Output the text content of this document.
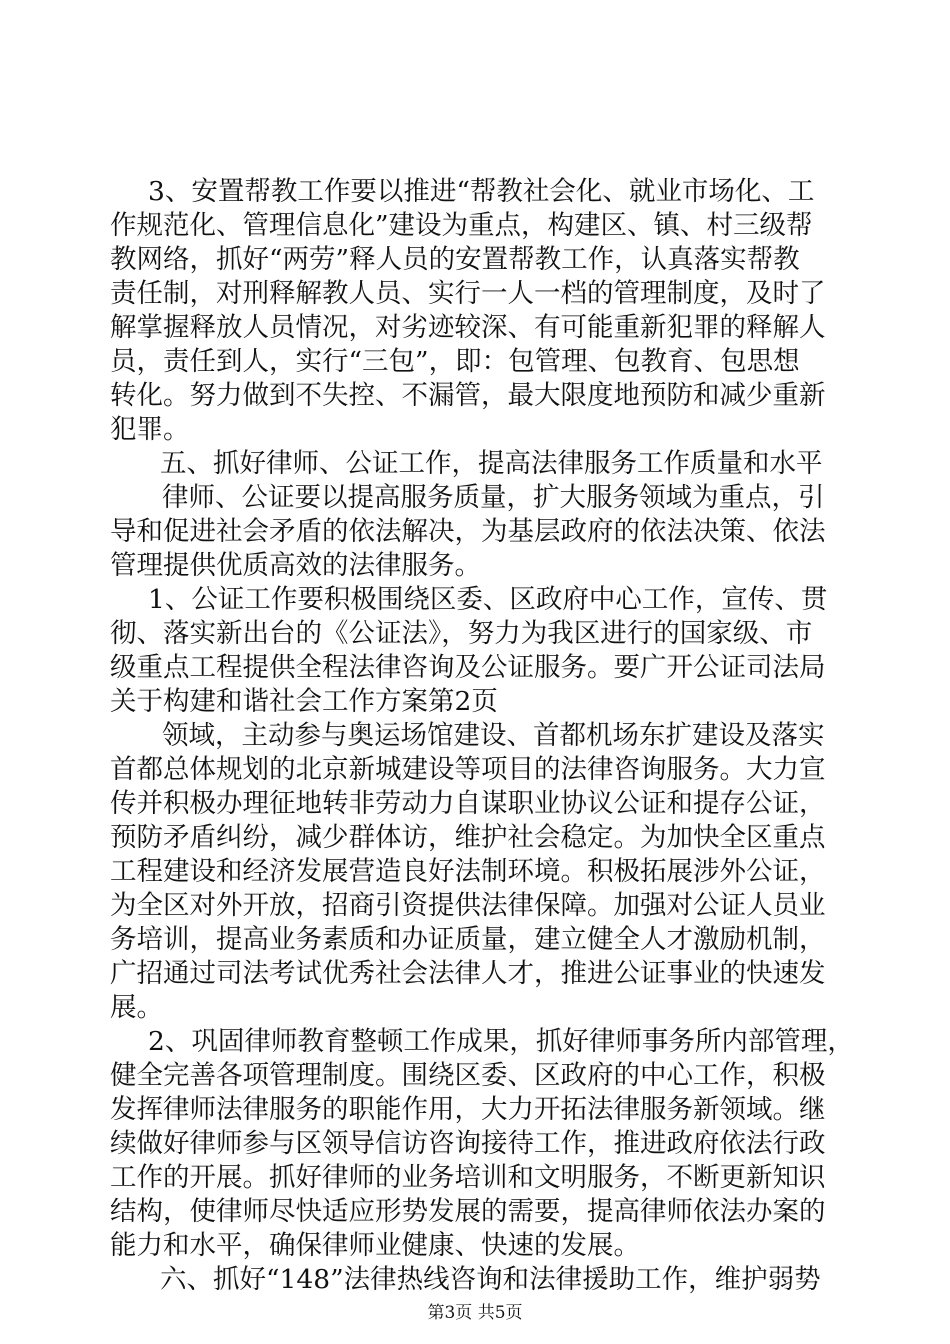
3、安置帮教工作要以推进“帮教社会化、就业市场化、工

作规范化、管理信息化”建设为重点，构建区、镇、村三级帮

教网络，抓好“两劳”释人员的安置帮教工作，认真落实帮教

责任制，对刑释解教人员、实行一人一档的管理制度，及时了

解掌握释放人员情况，对劣迹较深、有可能重新犯罪的释解人

员，责任到人，实行“三包”，即：包管理、包教育、包思想

转化。努力做到不失控、不漏管，最大限度地预防和减少重新

犯罪。

五、抓好律师、公证工作，提高法律服务工作质量和水平

律师、公证要以提高服务质量，扩大服务领域为重点，引

导和促进社会矛盾的依法解决，为基层政府的依法决策、依法

管理提供优质高效的法律服务。

1、公证工作要积极围绕区委、区政府中心工作，宣传、贯

彻、落实新出台的《公证法》，努力为我区进行的国家级、市

级重点工程提供全程法律咨询及公证服务。要广开公证司法局

关于构建和谐社会工作方案第2页

领域，主动参与奥运场馆建设、首都机场东扩建设及落实

首都总体规划的北京新城建设等项目的法律咨询服务。大力宣

传并积极办理征地转非劳动力自谋职业协议公证和提存公证，

预防矛盾纠纷，减少群体访，维护社会稳定。为加快全区重点

工程建设和经济发展营造良好法制环境。积极拓展涉外公证，

为全区对外开放，招商引资提供法律保障。加强对公证人员业

务培训，提高业务素质和办证质量，建立健全人才激励机制，

广招通过司法考试优秀社会法律人才，推进公证事业的快速发

展。

2、巩固律师教育整顿工作成果，抓好律师事务所内部管理，

健全完善各项管理制度。围绕区委、区政府的中心工作，积极

发挥律师法律服务的职能作用，大力开拓法律服务新领域。继

续做好律师参与区领导信访咨询接待工作，推进政府依法行政

工作的开展。抓好律师的业务培训和文明服务，不断更新知识

结构，使律师尽快适应形势发展的需要，提高律师依法办案的

能力和水平，确保律师业健康、快速的发展。

六、抓好“148”法律热线咨询和法律援助工作，维护弱势

第3页 共5页
